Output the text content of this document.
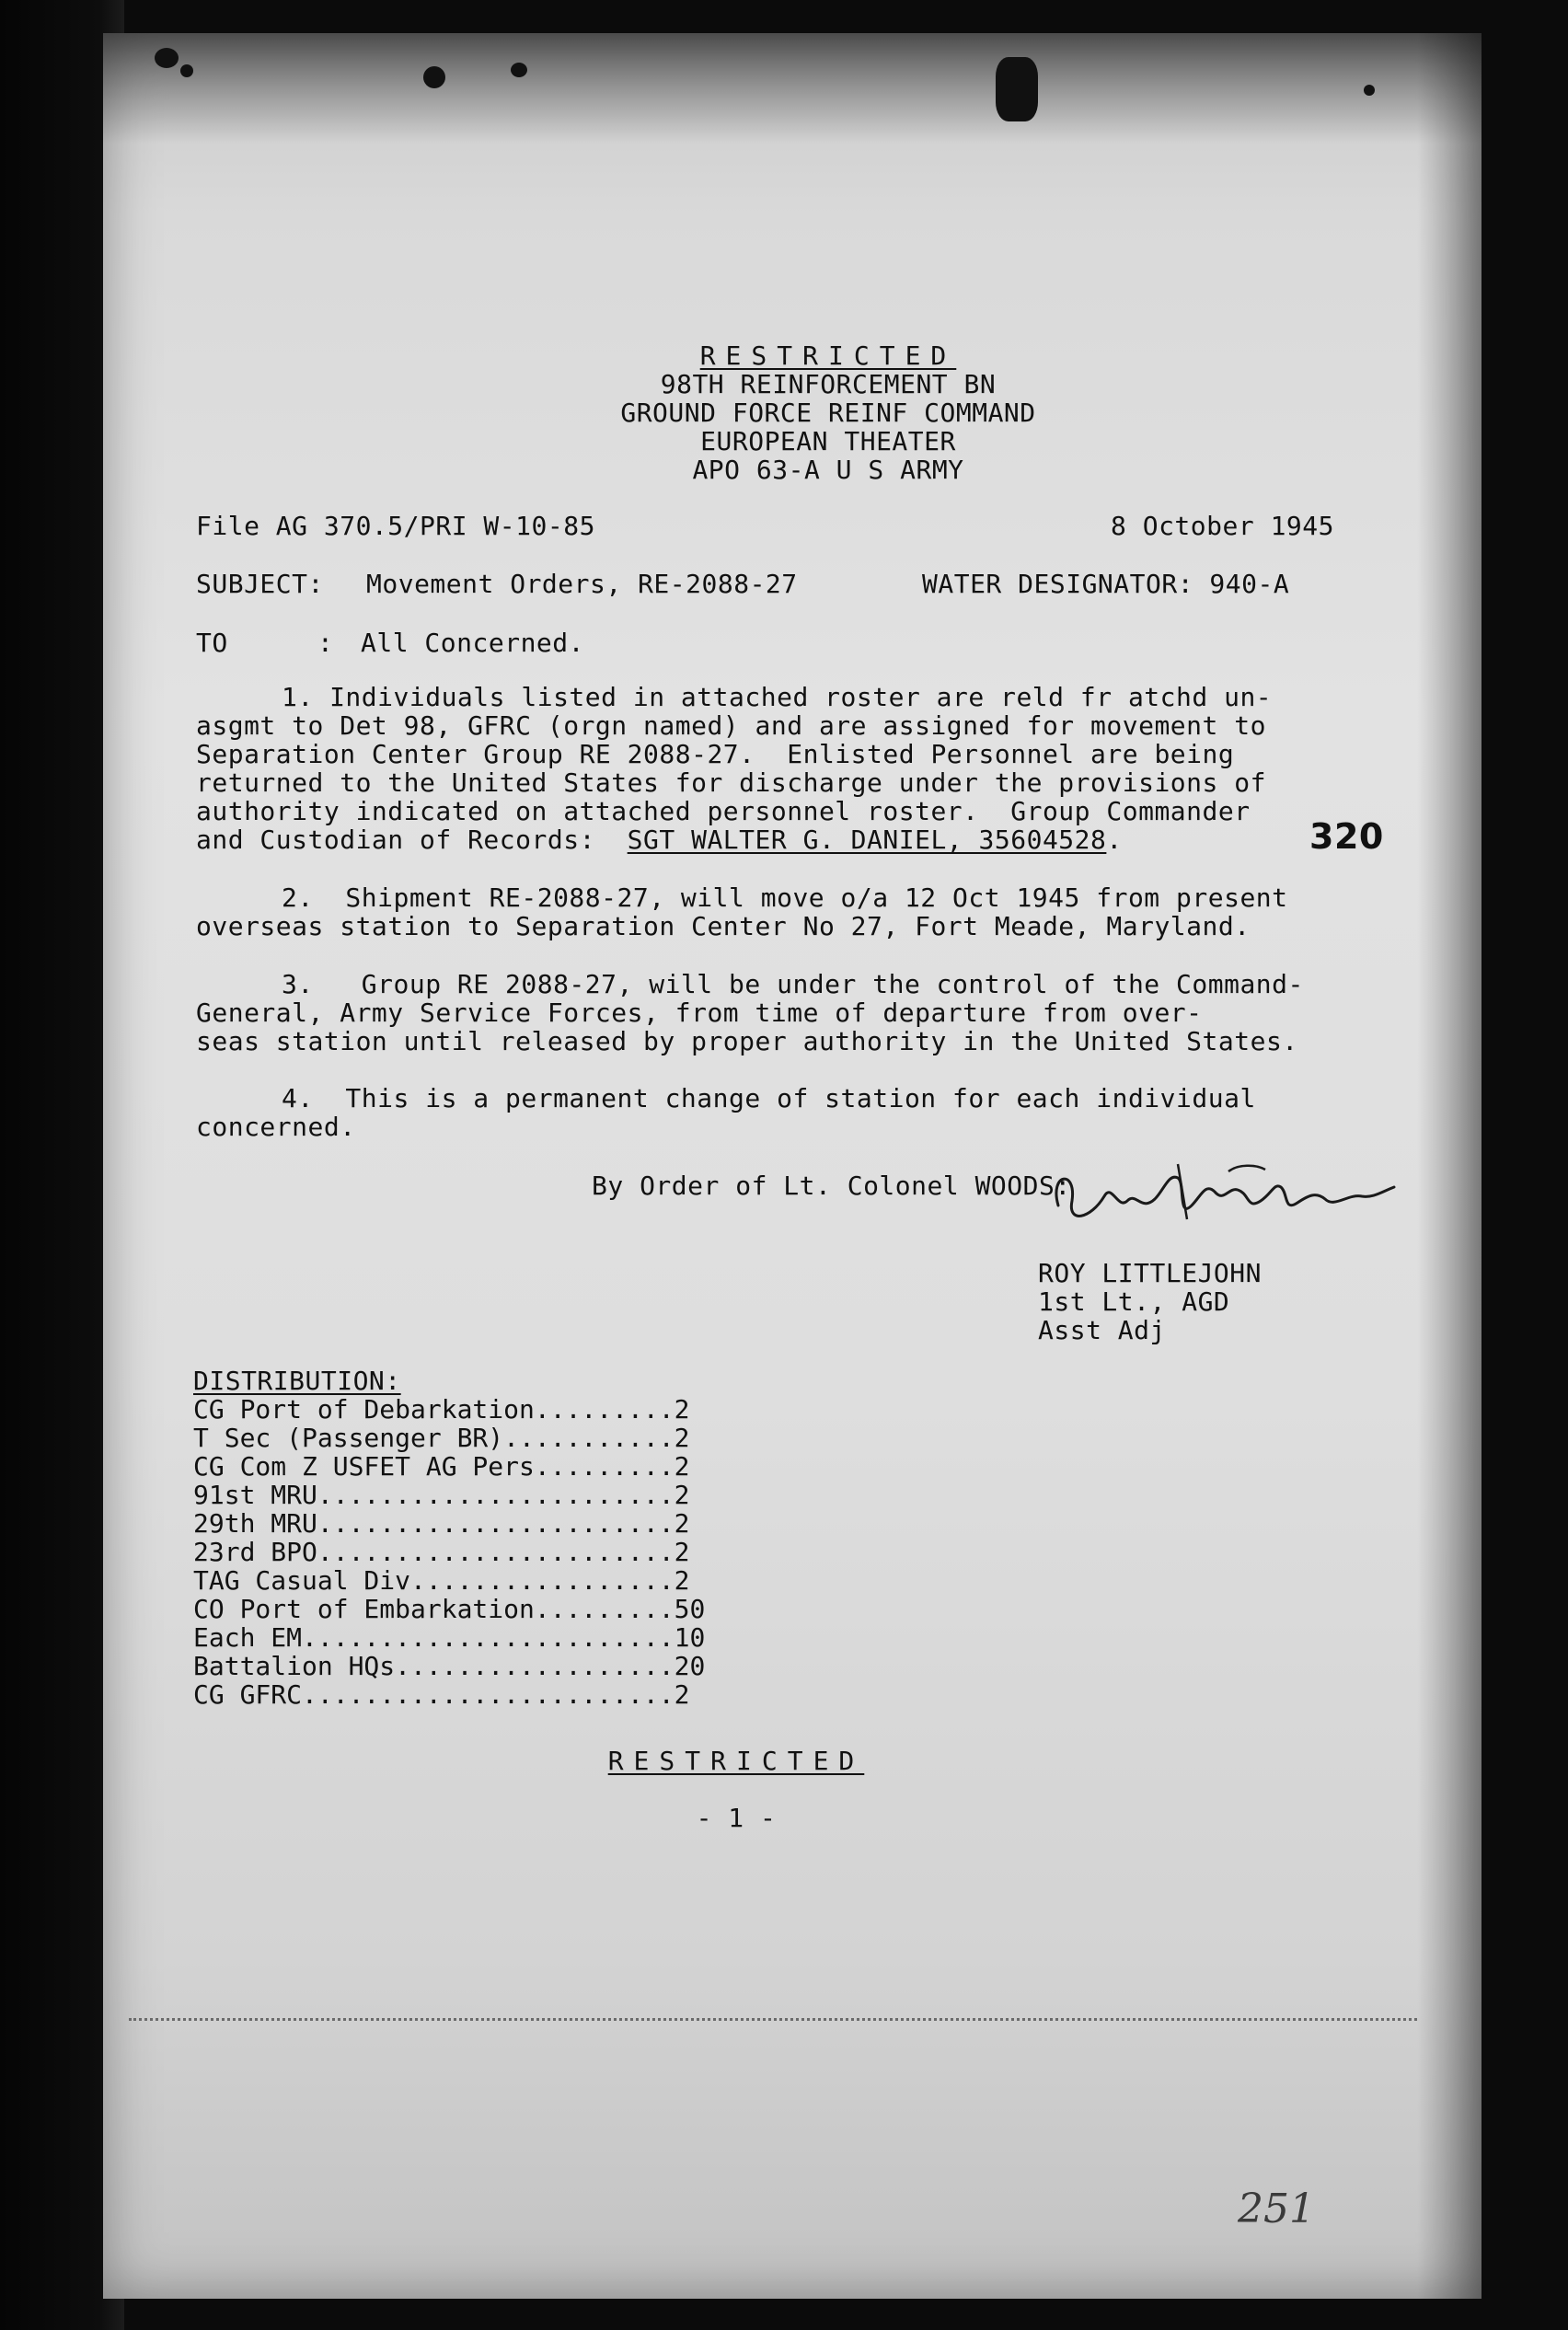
RESTRICTED
98TH REINFORCEMENT BN
GROUND FORCE REINF COMMAND
EUROPEAN THEATER
APO 63-A U S ARMY
File AG 370.5/PRI W-10-85	8 October 1945
SUBJECT: Movement Orders, RE-2088-27	WATER DESIGNATOR: 940-A
TO	: All Concerned.
1. Individuals listed in attached roster are reld fr atchd un-
asgmt to Det 98, GFRC (orgn named) and are assigned for movement to
Separation Center Group RE 2088-27.  Enlisted Personnel are being
returned to the United States for discharge under the provisions of
authority indicated on attached personnel roster.  Group Commander
and Custodian of Records:  SGT WALTER G. DANIEL, 35604528.	320
2.  Shipment RE-2088-27, will move o/a 12 Oct 1945 from present
overseas station to Separation Center No 27, Fort Meade, Maryland.
3.   Group RE 2088-27, will be under the control of the Command-
General, Army Service Forces, from time of departure from over-
seas station until released by proper authority in the United States.
4.  This is a permanent change of station for each individual
concerned.
By Order of Lt. Colonel WOODS:
ROY LITTLEJOHN
1st Lt., AGD
Asst Adj
DISTRIBUTION:
CG Port of Debarkation.........2
T Sec (Passenger BR)...........2
CG Com Z USFET AG Pers.........2
91st MRU.......................2
29th MRU.......................2
23rd BPO.......................2
TAG Casual Div.................2
CO Port of Embarkation.........50
Each EM........................10
Battalion HQs..................20
CG GFRC........................2
RESTRICTED
- 1 -
251
